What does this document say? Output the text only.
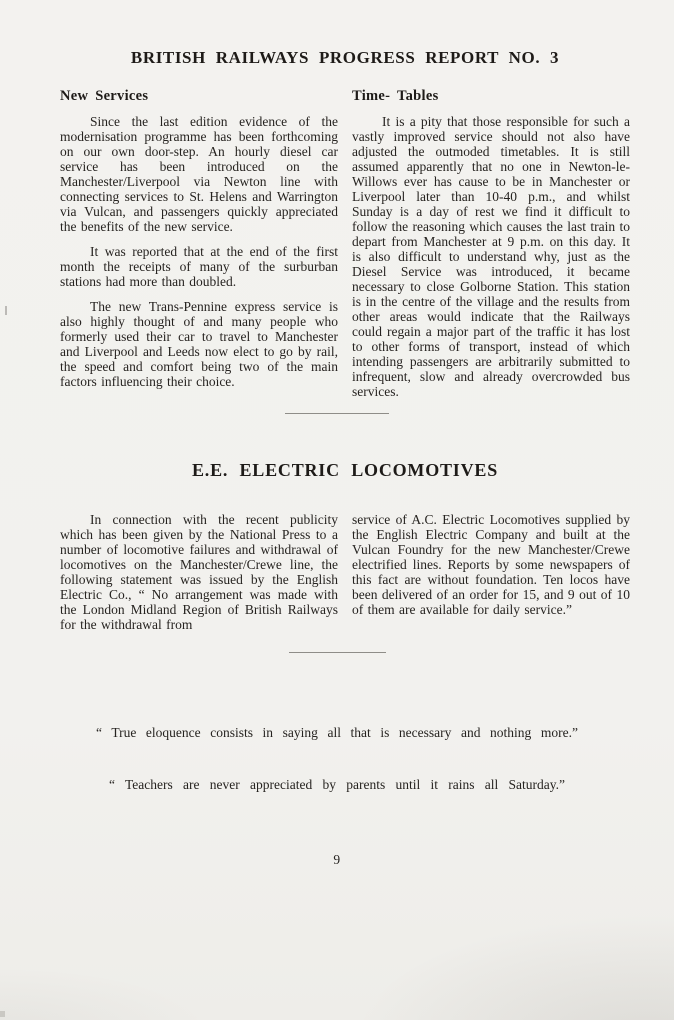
BRITISH RAILWAYS PROGRESS REPORT NO. 3
New Services

Since the last edition evidence of the modernisation programme has been forthcoming on our own door-step. An hourly diesel car service has been introduced on the Manchester/Liverpool via Newton line with connecting services to St. Helens and Warrington via Vulcan, and passengers quickly appreciated the benefits of the new service.

It was reported that at the end of the first month the receipts of many of the surburban stations had more than doubled.

The new Trans-Pennine express service is also highly thought of and many people who formerly used their car to travel to Manchester and Liverpool and Leeds now elect to go by rail, the speed and comfort being two of the main factors influencing their choice.

Time- Tables

It is a pity that those responsible for such a vastly improved service should not also have adjusted the outmoded timetables. It is still assumed apparently that no one in Newton-le-Willows ever has cause to be in Manchester or Liverpool later than 10-40 p.m., and whilst Sunday is a day of rest we find it difficult to follow the reasoning which causes the last train to depart from Manchester at 9 p.m. on this day. It is also difficult to understand why, just as the Diesel Service was introduced, it became necessary to close Golborne Station. This station is in the centre of the village and the results from other areas would indicate that the Railways could regain a major part of the traffic it has lost to other forms of transport, instead of which intending passengers are arbitrarily submitted to infrequent, slow and already overcrowded bus services.

E.E. ELECTRIC LOCOMOTIVES

In connection with the recent publicity which has been given by the National Press to a number of locomotive failures and withdrawal of locomotives on the Manchester/Crewe line, the following statement was issued by the English Electric Co., “ No arrangement was made with the London Midland Region of British Railways for the withdrawal from

service of A.C. Electric Locomotives supplied by the English Electric Company and built at the Vulcan Foundry for the new Manchester/Crewe electrified lines. Reports by some newspapers of this fact are without foundation. Ten locos have been delivered of an order for 15, and 9 out of 10 of them are available for daily service.”

“ True eloquence consists in saying all that is necessary and nothing more.”

“ Teachers are never appreciated by parents until it rains all Saturday.”

9
